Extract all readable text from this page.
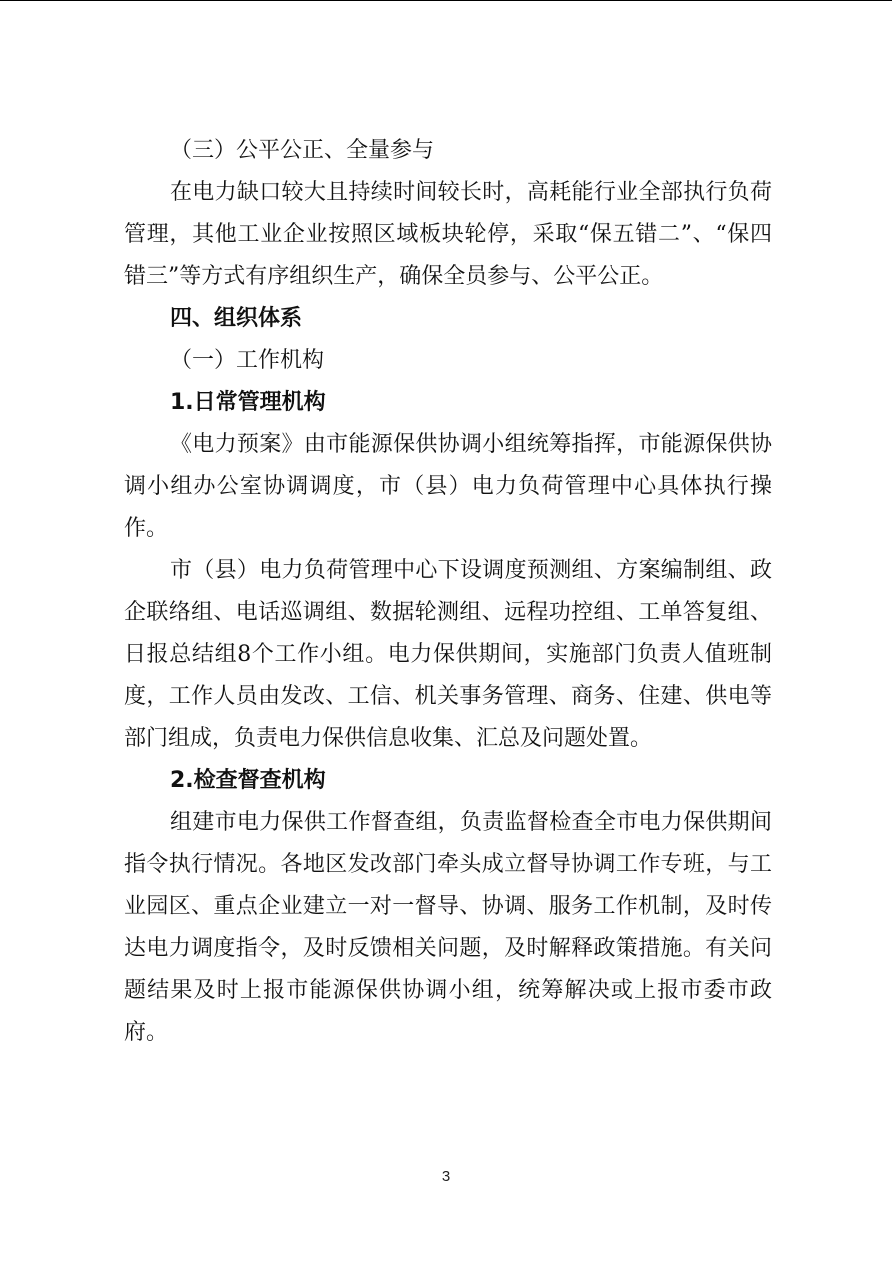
（三）公平公正、全量参与

在电力缺口较大且持续时间较长时，高耗能行业全部执行负荷管理，其他工业企业按照区域板块轮停，采取“保五错二”、“保四错三”等方式有序组织生产，确保全员参与、公平公正。

四、组织体系

（一）工作机构

1.日常管理机构

《电力预案》由市能源保供协调小组统筹指挥，市能源保供协调小组办公室协调调度，市（县）电力负荷管理中心具体执行操作。

市（县）电力负荷管理中心下设调度预测组、方案编制组、政企联络组、电话巡调组、数据轮测组、远程功控组、工单答复组、日报总结组8个工作小组。电力保供期间，实施部门负责人值班制度，工作人员由发改、工信、机关事务管理、商务、住建、供电等部门组成，负责电力保供信息收集、汇总及问题处置。

2.检查督查机构

组建市电力保供工作督查组，负责监督检查全市电力保供期间指令执行情况。各地区发改部门牵头成立督导协调工作专班，与工业园区、重点企业建立一对一督导、协调、服务工作机制，及时传达电力调度指令，及时反馈相关问题，及时解释政策措施。有关问题结果及时上报市能源保供协调小组，统筹解决或上报市委市政府。

3
